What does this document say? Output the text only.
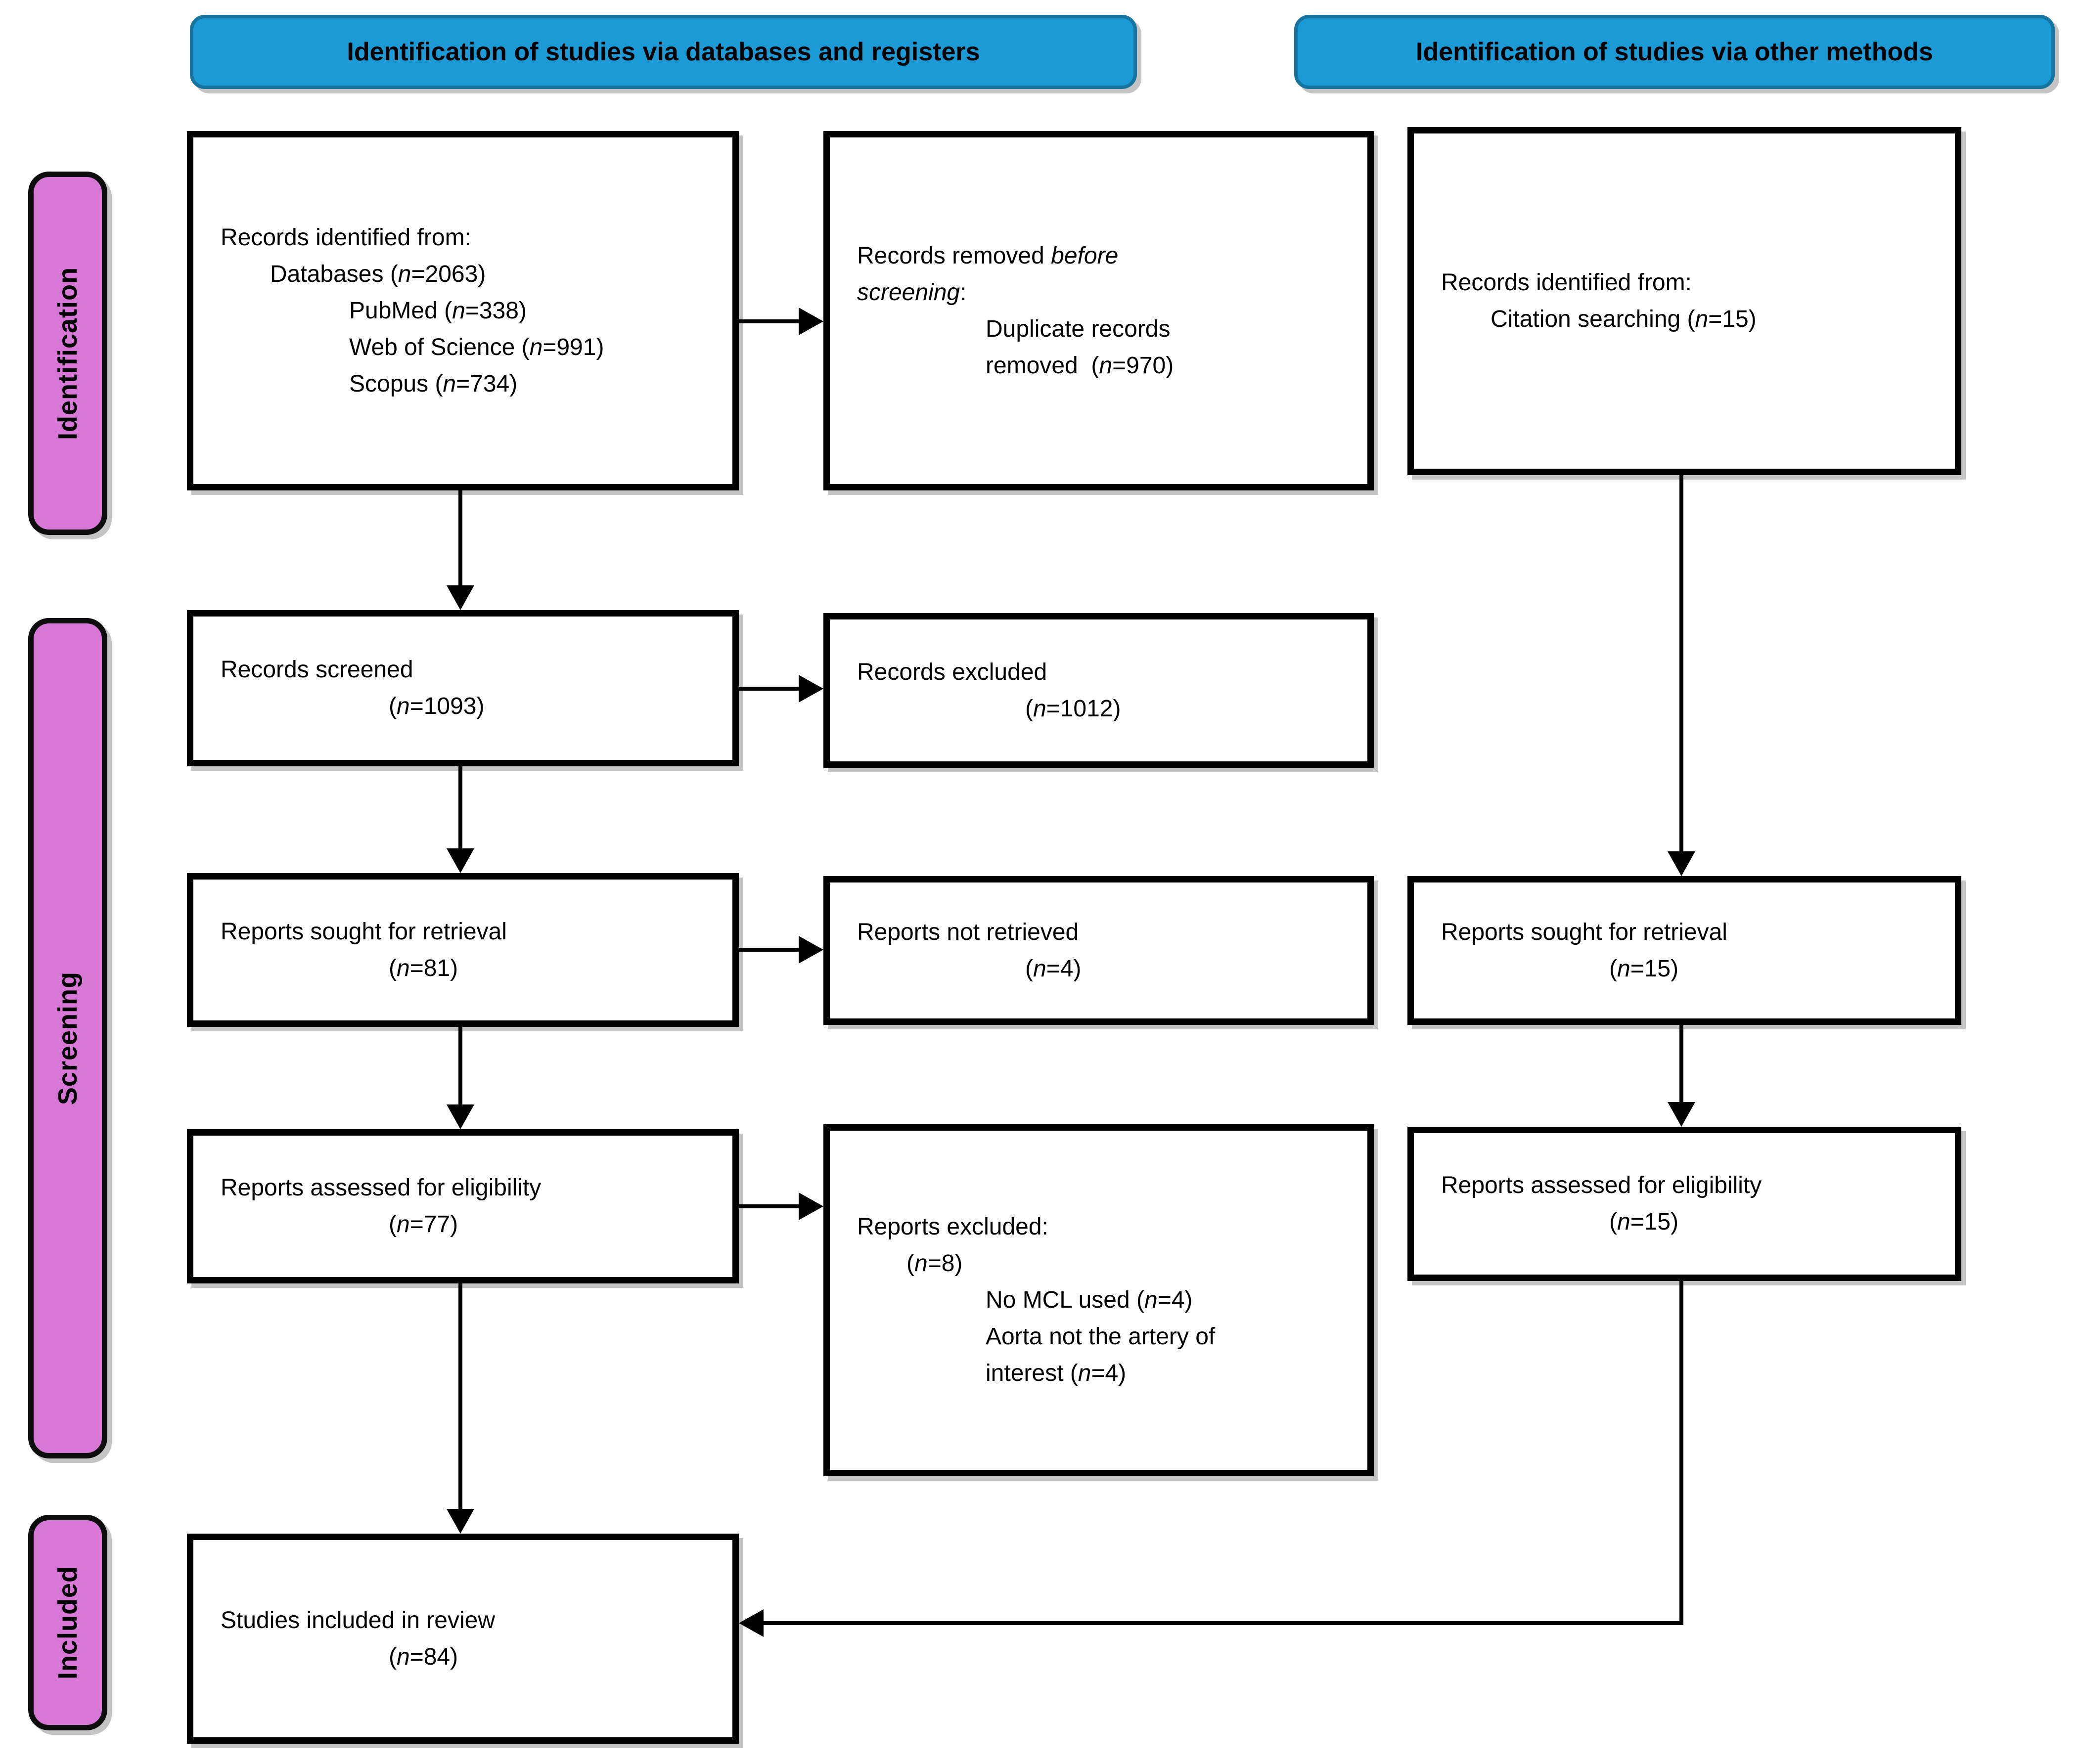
Identification of studies via databases and registers	Identification of studies via other methods
Identification
Screening
Included
Records identified from:
Databases (n=2063)
PubMed (n=338)
Web of Science (n=991)
Scopus (n=734)
Records removed before
screening:
Duplicate records
removed  (n=970)
Records identified from:
Citation searching (n=15)
Records screened
(n=1093)
Records excluded
(n=1012)
Reports sought for retrieval
(n=81)
Reports not retrieved
(n=4)
Reports sought for retrieval
(n=15)
Reports assessed for eligibility
(n=77)	Reports excluded:
(n=8)
No MCL used (n=4)
Aorta not the artery of
interest (n=4)
Reports assessed for eligibility
(n=15)
Studies included in review
(n=84)
